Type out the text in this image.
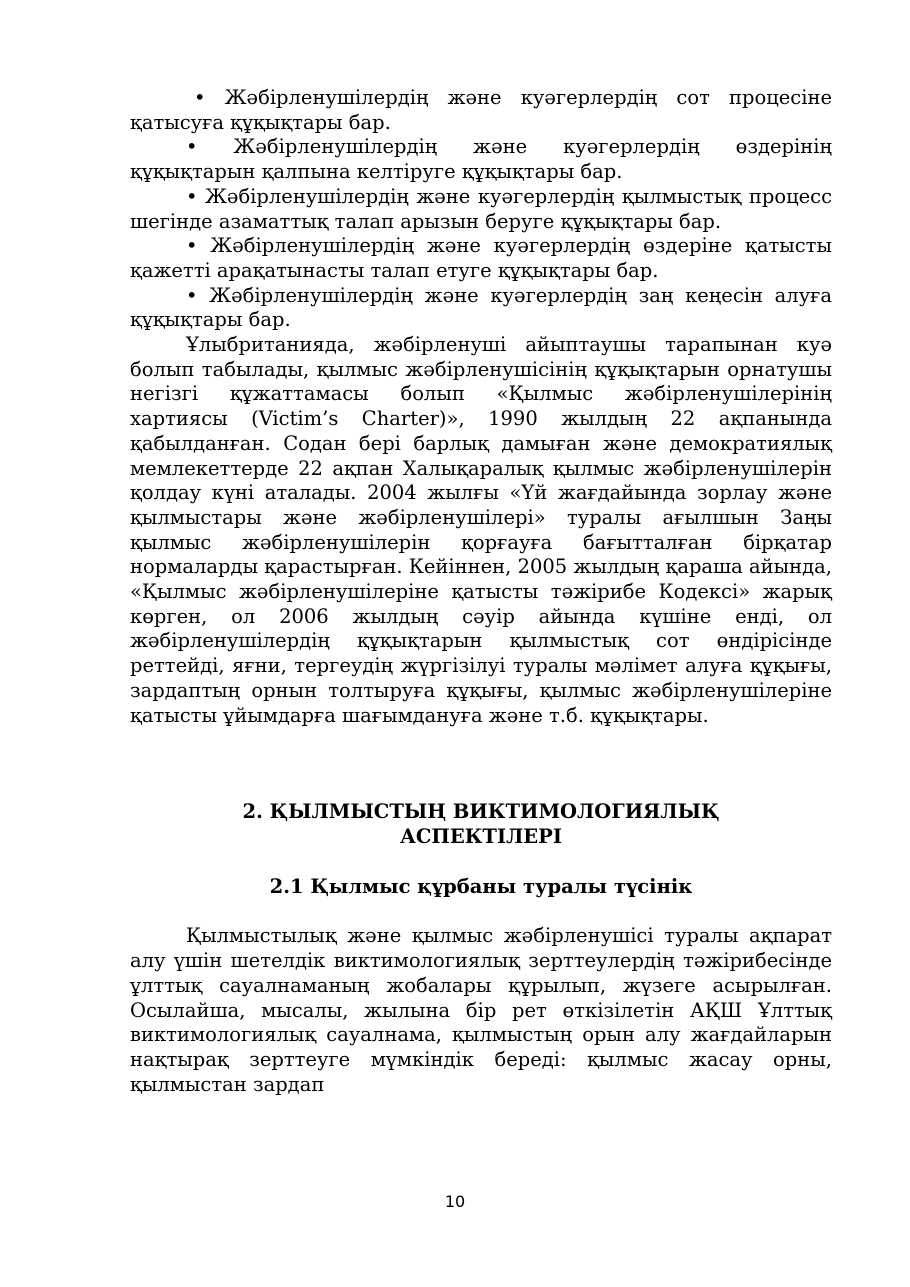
• Жәбірленушілердің және куәгерлердің сот процесіне қатысуға құқықтары бар.

• Жәбірленушілердің және куәгерлердің өздерінің құқықтарын қалпына келтіруге құқықтары бар.

• Жәбірленушілердің және куәгерлердің қылмыстық процесс шегінде азаматтық талап арызын беруге құқықтары бар.

• Жәбірленушілердің және куәгерлердің өздеріне қатысты қажетті арақатынасты талап етуге құқықтары бар.

• Жәбірленушілердің және куәгерлердің заң кеңесін алуға құқықтары бар.

Ұлыбританияда, жәбірленуші айыптаушы тарапынан куә болып табылады, қылмыс жәбірленушісінің құқықтарын орнатушы негізгі құжаттамасы болып «Қылмыс жәбірленушілерінің хартиясы (Victim’s Charter)», 1990 жылдың 22 ақпанында қабылданған. Содан бері барлық дамыған және демократиялық мемлекеттерде 22 ақпан Халықаралық қылмыс жәбірленушілерін қолдау күні аталады. 2004 жылғы «Үй жағдайында зорлау және қылмыстары және жәбірленушілері» туралы ағылшын Заңы қылмыс жәбірленушілерін қорғауға бағытталған бірқатар нормаларды қарастырған. Кейіннен, 2005 жылдың қараша айында, «Қылмыс жәбірленушілеріне қатысты тәжірибе Кодексі» жарық көрген, ол 2006 жылдың сәуір айында күшіне енді, ол жәбірленушілердің құқықтарын қылмыстық сот өндірісінде реттейді, яғни, тергеудің жүргізілуі туралы мәлімет алуға құқығы, зардаптың орнын толтыруға құқығы, қылмыс жәбірленушілеріне қатысты ұйымдарға шағымдануға және т.б. құқықтары.

2. ҚЫЛМЫСТЫҢ ВИКТИМОЛОГИЯЛЫҚ
АСПЕКТІЛЕРІ
2.1 Қылмыс құрбаны туралы түсінік

Қылмыстылық және қылмыс жәбірленушісі туралы ақпарат алу үшін шетелдік виктимологиялық зерттеулердің тәжірибесінде ұлттық сауалнаманың жобалары құрылып, жүзеге асырылған. Осылайша, мысалы, жылына бір рет өткізілетін АҚШ Ұлттық виктимологиялық сауалнама, қылмыстың орын алу жағдайларын нақтырақ зерттеуге мүмкіндік береді: қылмыс жасау орны, қылмыстан зардап

10
